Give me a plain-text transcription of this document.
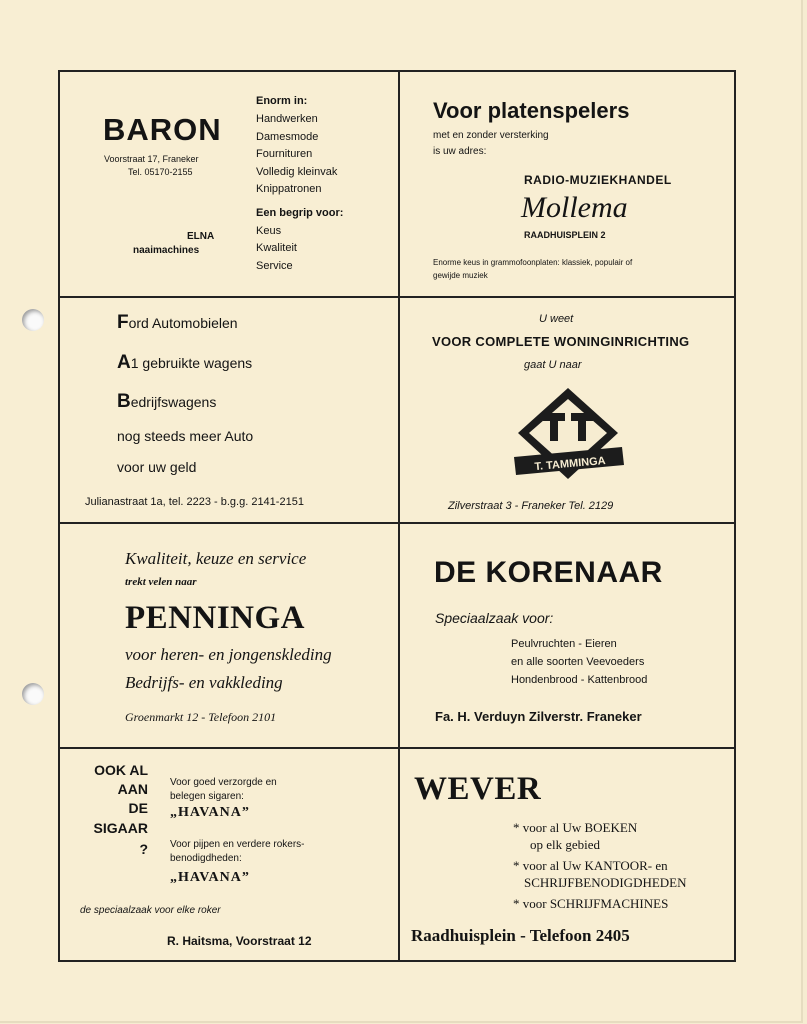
BARON
Voorstraat 17, Franeker
Tel. 05170-2155
ELNA
naaimachines
Enorm in:
Handwerken
Damesmode
Fournituren
Volledig kleinvak
Knippatronen
Een begrip voor:
Keus
Kwaliteit
Service
Voor platenspelers
met en zonder versterking
is uw adres:
RADIO-MUZIEKHANDEL
Mollema
RAADHUISPLEIN 2
Enorme keus in grammofoonplaten: klassiek, populair of
gewijde muziek
Ford Automobielen
A1 gebruikte wagens
Bedrijfswagens
nog steeds meer Auto
voor uw geld
Julianastraat 1a, tel. 2223 - b.g.g. 2141-2151
U weet
VOOR COMPLETE WONINGINRICHTING
gaat U naar
T. TAMMINGA
Zilverstraat 3 - Franeker Tel. 2129
Kwaliteit, keuze en service
trekt velen naar
PENNINGA
voor heren- en jongenskleding
Bedrijfs- en vakkleding
Groenmarkt 12 - Telefoon 2101
DE KORENAAR
Speciaalzaak voor:
Peulvruchten - Eieren
en alle soorten Veevoeders
Hondenbrood - Kattenbrood
Fa. H. Verduyn Zilverstr. Franeker
OOK AL
AAN
DE
SIGAAR
?
Voor goed verzorgde en
belegen sigaren:
„HAVANA”
Voor pijpen en verdere rokers-
benodigdheden:
„HAVANA”
de speciaalzaak voor elke roker
R. Haitsma, Voorstraat 12
WEVER
* voor al Uw BOEKEN
op elk gebied
* voor al Uw KANTOOR- en
SCHRIJFBENODIGDHEDEN
* voor SCHRIJFMACHINES
Raadhuisplein - Telefoon 2405
